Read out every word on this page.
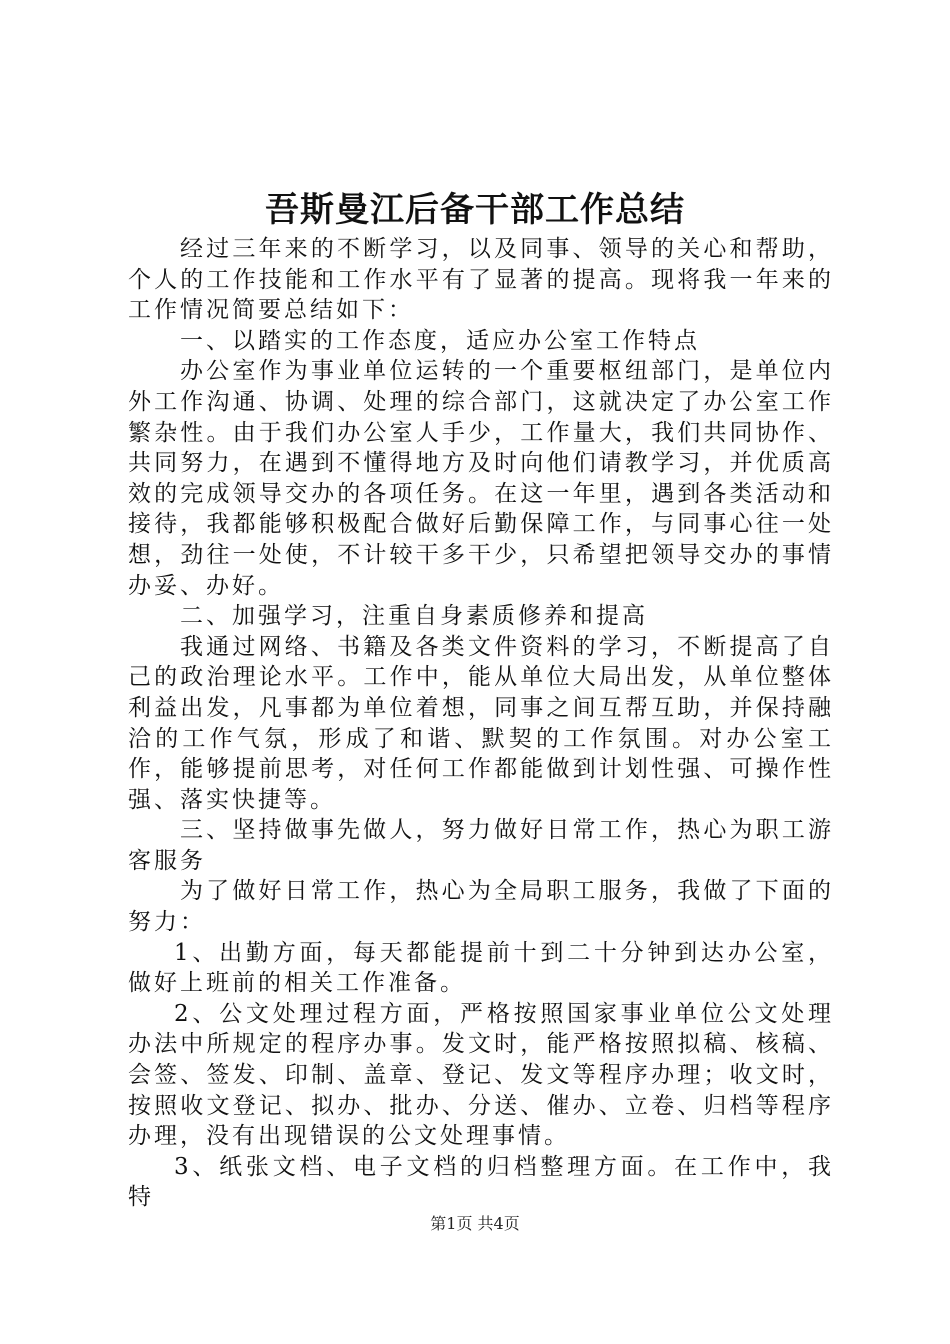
吾斯曼江后备干部工作总结

经过三年来的不断学习，以及同事、领导的关心和帮助，个人的工作技能和工作水平有了显著的提高。现将我一年来的工作情况简要总结如下：

一、以踏实的工作态度，适应办公室工作特点

办公室作为事业单位运转的一个重要枢纽部门，是单位内外工作沟通、协调、处理的综合部门，这就决定了办公室工作繁杂性。由于我们办公室人手少，工作量大，我们共同协作、共同努力，在遇到不懂得地方及时向他们请教学习，并优质高效的完成领导交办的各项任务。在这一年里，遇到各类活动和接待，我都能够积极配合做好后勤保障工作，与同事心往一处想，劲往一处使，不计较干多干少，只希望把领导交办的事情办妥、办好。

二、加强学习，注重自身素质修养和提高

我通过网络、书籍及各类文件资料的学习，不断提高了自己的政治理论水平。工作中，能从单位大局出发，从单位整体利益出发，凡事都为单位着想，同事之间互帮互助，并保持融洽的工作气氛，形成了和谐、默契的工作氛围。对办公室工作，能够提前思考，对任何工作都能做到计划性强、可操作性强、落实快捷等。

三、坚持做事先做人，努力做好日常工作，热心为职工游客服务

为了做好日常工作，热心为全局职工服务，我做了下面的努力：

1、出勤方面，每天都能提前十到二十分钟到达办公室，做好上班前的相关工作准备。

2、公文处理过程方面，严格按照国家事业单位公文处理办法中所规定的程序办事。发文时，能严格按照拟稿、核稿、会签、签发、印制、盖章、登记、发文等程序办理；收文时，按照收文登记、拟办、批办、分送、催办、立卷、归档等程序办理，没有出现错误的公文处理事情。

3、纸张文档、电子文档的归档整理方面。在工作中，我特

第1页 共4页
